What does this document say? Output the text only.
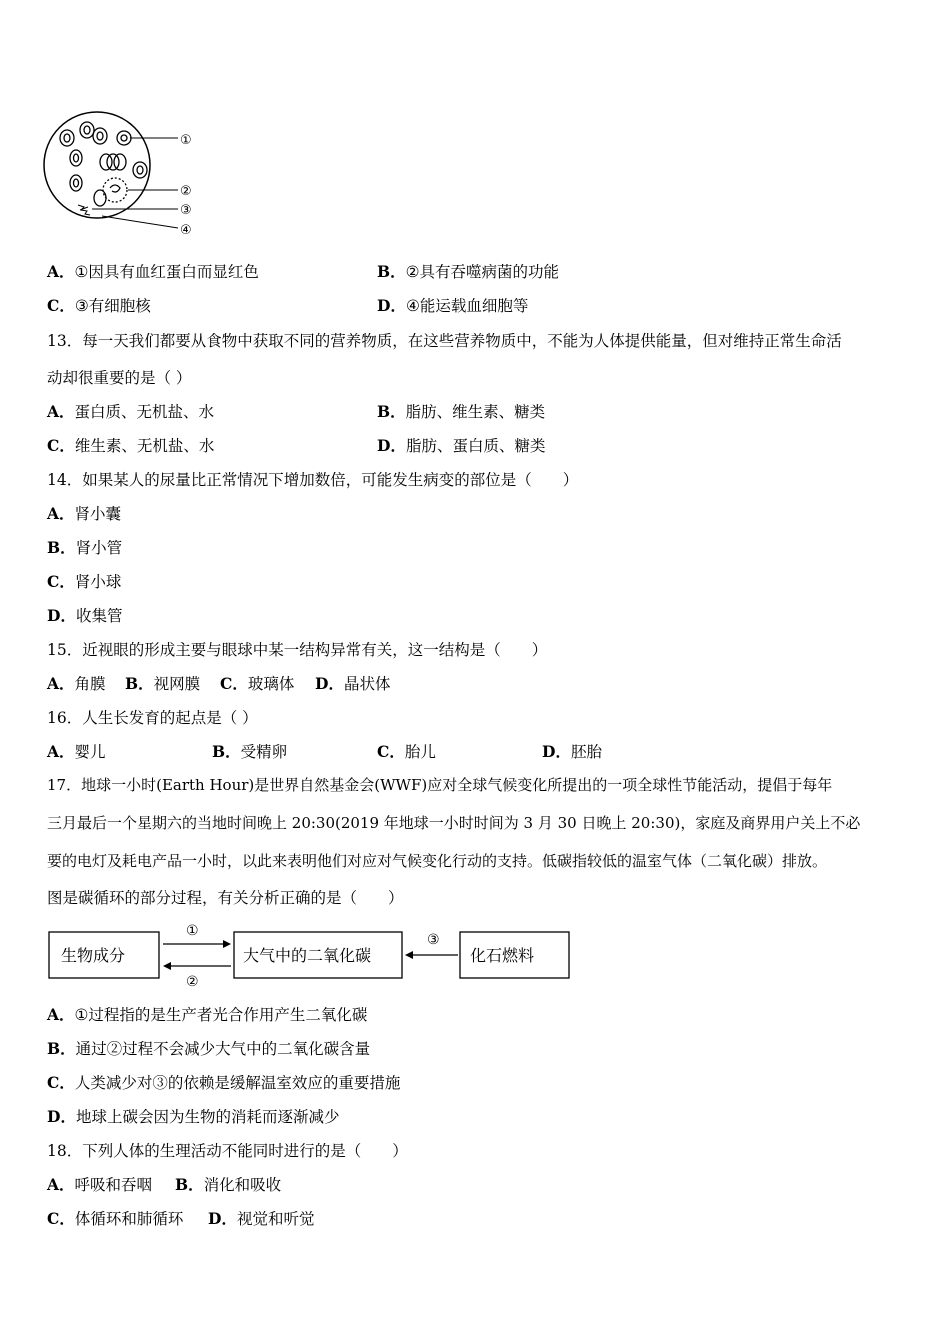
①
②
③
④
A．①因具有血红蛋白而显红色	B．②具有吞噬病菌的功能
C．③有细胞核	D．④能运载血细胞等
13．每一天我们都要从食物中获取不同的营养物质，在这些营养物质中，不能为人体提供能量，但对维持正常生命活
动却很重要的是（ ）
A．蛋白质、无机盐、水	B．脂肪、维生素、糖类
C．维生素、无机盐、水	D．脂肪、蛋白质、糖类
14．如果某人的尿量比正常情况下增加数倍，可能发生病变的部位是（　　）
A．肾小囊
B．肾小管
C．肾小球
D．收集管
15．近视眼的形成主要与眼球中某一结构异常有关，这一结构是（　　）
A．角膜 B．视网膜 C．玻璃体 D．晶状体
16．人生长发育的起点是（ ）
A．婴儿	B．受精卵	C．胎儿	D．胚胎
17．地球一小时(Earth Hour)是世界自然基金会(WWF)应对全球气候变化所提出的一项全球性节能活动，提倡于每年
三月最后一个星期六的当地时间晚上 20:30(2019 年地球一小时时间为 3 月 30 日晚上 20:30)，家庭及商界用户关上不必
要的电灯及耗电产品一小时，以此来表明他们对应对气候变化行动的支持。低碳指较低的温室气体（二氧化碳）排放。
图是碳循环的部分过程，有关分析正确的是（　　）
生物成分	大气中的二氧化碳	化石燃料
①
②
③
A．①过程指的是生产者光合作用产生二氧化碳
B．通过②过程不会减少大气中的二氧化碳含量
C．人类减少对③的依赖是缓解温室效应的重要措施
D．地球上碳会因为生物的消耗而逐渐减少
18．下列人体的生理活动不能同时进行的是（　　）
A．呼吸和吞咽 B．消化和吸收
C．体循环和肺循环 D．视觉和听觉
